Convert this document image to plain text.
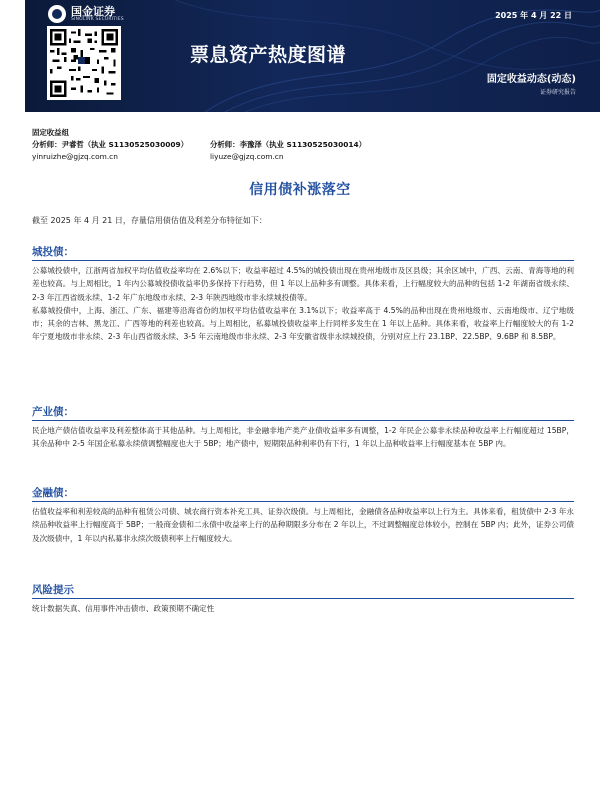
国金证券
SINOLINK SECURITIES	2025 年 4 月 22 日
票息资产热度图谱
固定收益动态(动态)
证券研究报告
固定收益组
分析师：尹睿哲（执业 S1130525030009）	分析师：李豫泽（执业 S1130525030014）
yinruizhe@gjzq.com.cn	liyuze@gjzq.com.cn
信用债补涨落空
截至 2025 年 4 月 21 日，存量信用债估值及利差分布特征如下：
城投债：

公募城投债中，江浙两省加权平均估值收益率均在 2.6%以下；收益率超过 4.5%的城投债出现在贵州地级市及区县级；其余区域中，广西、云南、青海等地的利差也较高。与上周相比，1 年内公募城投债收益率仍多保持下行趋势，但 1 年以上品种多有调整。具体来看，上行幅度较大的品种的包括 1-2 年湖南省级永续、2-3 年江西省级永续、1-2 年广东地级市永续、2-3 年陕西地级市非永续城投债等。

私募城投债中，上海、浙江、广东、福建等沿海省份的加权平均估值收益率在 3.1%以下；收益率高于 4.5%的品种出现在贵州地级市、云南地级市、辽宁地级市；其余的吉林、黑龙江、广西等地的利差也较高。与上周相比，私募城投债收益率上行同样多发生在 1 年以上品种。具体来看，收益率上行幅度较大的有 1-2 年宁夏地级市非永续、2-3 年山西省级永续、3-5 年云南地级市非永续、2-3 年安徽省级非永续城投债，分别对应上行 23.1BP、22.5BP、9.6BP 和 8.5BP。

产业债：

民企地产债估值收益率及利差整体高于其他品种。与上周相比，非金融非地产类产业债收益率多有调整，1-2 年民企公募非永续品种收益率上行幅度超过 15BP，其余品种中 2-5 年国企私募永续债调整幅度也大于 5BP；地产债中，短期限品种利率仍有下行，1 年以上品种收益率上行幅度基本在 5BP 内。

金融债：

估值收益率和利差较高的品种有租赁公司债、城农商行资本补充工具、证券次级债。与上周相比，金融债各品种收益率以上行为主。具体来看，租赁债中 2-3 年永续品种收益率上行幅度高于 5BP；一般商金债和二永债中收益率上行的品种期限多分布在 2 年以上，不过调整幅度总体较小，控制在 5BP 内；此外，证券公司债及次级债中，1 年以内私募非永续次级债利率上行幅度较大。

风险提示

统计数据失真、信用事件冲击债市、政策预期不确定性
